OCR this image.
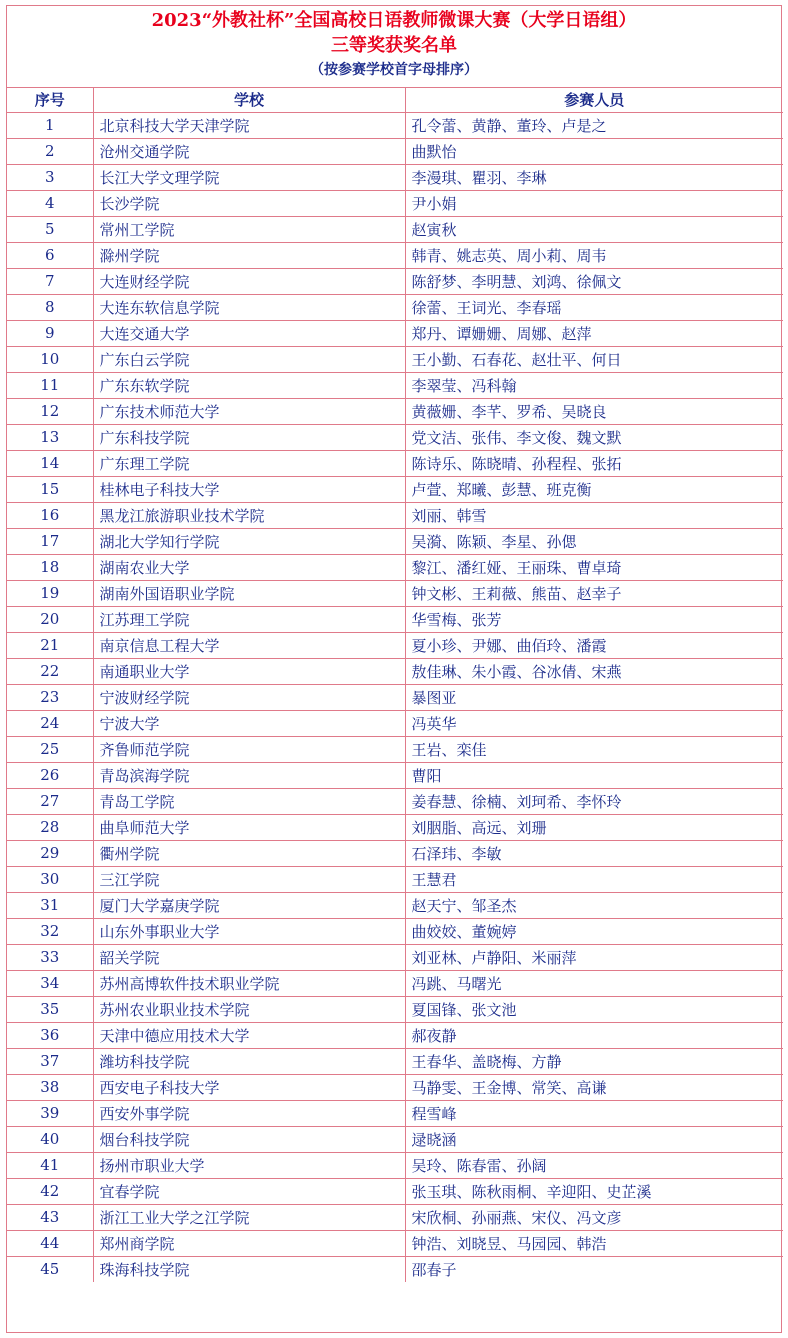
2023“外教社杯”全国高校日语教师微课大赛（大学日语组）
三等奖获奖名单
（按参赛学校首字母排序）
序号	学校	参赛人员
1	北京科技大学天津学院	孔令蕾、黄静、董玲、卢是之
2	沧州交通学院	曲默怡
3	长江大学文理学院	李漫琪、瞿羽、李琳
4	长沙学院	尹小娟
5	常州工学院	赵寅秋
6	滁州学院	韩青、姚志英、周小莉、周韦
7	大连财经学院	陈舒梦、李明慧、刘鸿、徐佩文
8	大连东软信息学院	徐蕾、王词光、李春瑶
9	大连交通大学	郑丹、谭姗姗、周娜、赵萍
10	广东白云学院	王小勤、石春花、赵壮平、何日
11	广东东软学院	李翠莹、冯科翰
12	广东技术师范大学	黄薇姗、李芊、罗希、吴晓良
13	广东科技学院	党文洁、张伟、李文俊、魏文默
14	广东理工学院	陈诗乐、陈晓晴、孙程程、张拓
15	桂林电子科技大学	卢萱、郑曦、彭慧、班克衡
16	黑龙江旅游职业技术学院	刘丽、韩雪
17	湖北大学知行学院	吴漪、陈颖、李星、孙偲
18	湖南农业大学	黎江、潘红娅、王丽珠、曹卓琦
19	湖南外国语职业学院	钟文彬、王莉薇、熊苗、赵幸子
20	江苏理工学院	华雪梅、张芳
21	南京信息工程大学	夏小珍、尹娜、曲佰玲、潘霞
22	南通职业大学	敖佳琳、朱小霞、谷冰倩、宋燕
23	宁波财经学院	暴图亚
24	宁波大学	冯英华
25	齐鲁师范学院	王岩、栾佳
26	青岛滨海学院	曹阳
27	青岛工学院	姜春慧、徐楠、刘珂希、李怀玲
28	曲阜师范大学	刘胭脂、高远、刘珊
29	衢州学院	石泽玮、李敏
30	三江学院	王慧君
31	厦门大学嘉庚学院	赵天宁、邹圣杰
32	山东外事职业大学	曲姣姣、董婉婷
33	韶关学院	刘亚林、卢静阳、米丽萍
34	苏州高博软件技术职业学院	冯跳、马曙光
35	苏州农业职业技术学院	夏国锋、张文池
36	天津中德应用技术大学	郝夜静
37	潍坊科技学院	王春华、盖晓梅、方静
38	西安电子科技大学	马静雯、王金博、常笑、高谦
39	西安外事学院	程雪峰
40	烟台科技学院	逯晓涵
41	扬州市职业大学	吴玲、陈春雷、孙阔
42	宜春学院	张玉琪、陈秋雨桐、辛迎阳、史芷溪
43	浙江工业大学之江学院	宋欣桐、孙丽燕、宋仪、冯文彦
44	郑州商学院	钟浩、刘晓昱、马园园、韩浩
45	珠海科技学院	邵春子
